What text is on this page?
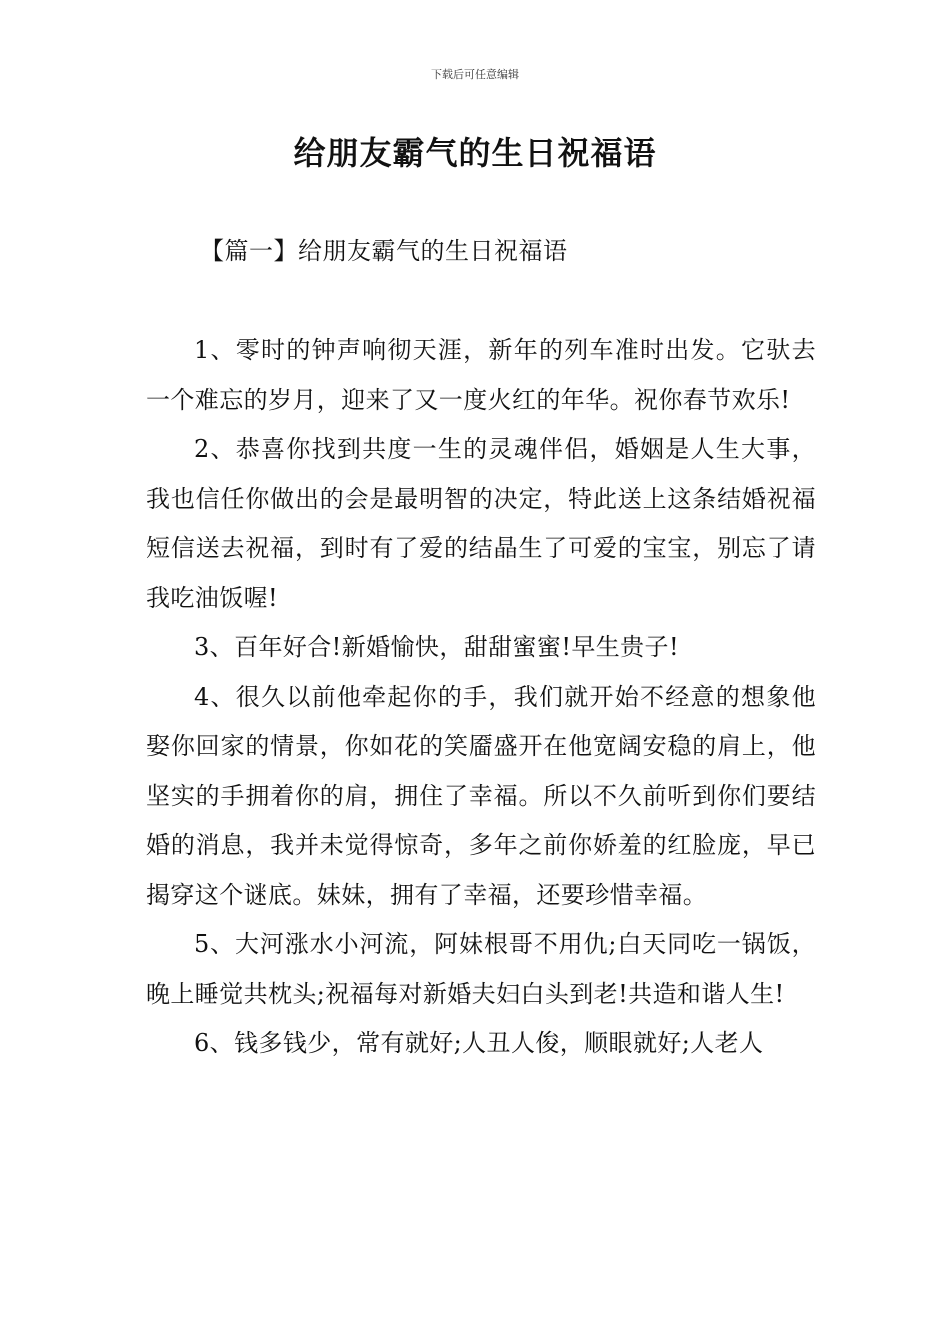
下载后可任意编辑
给朋友霸气的生日祝福语
【篇一】给朋友霸气的生日祝福语

1、零时的钟声响彻天涯，新年的列车准时出发。它驮去一个难忘的岁月，迎来了又一度火红的年华。祝你春节欢乐!

2、恭喜你找到共度一生的灵魂伴侣，婚姻是人生大事，我也信任你做出的会是最明智的决定，特此送上这条结婚祝福短信送去祝福，到时有了爱的结晶生了可爱的宝宝，别忘了请我吃油饭喔!

3、百年好合!新婚愉快，甜甜蜜蜜!早生贵子!

4、很久以前他牵起你的手，我们就开始不经意的想象他娶你回家的情景，你如花的笑靥盛开在他宽阔安稳的肩上，他坚实的手拥着你的肩，拥住了幸福。所以不久前听到你们要结婚的消息，我并未觉得惊奇，多年之前你娇羞的红脸庞，早已揭穿这个谜底。妹妹，拥有了幸福，还要珍惜幸福。

5、大河涨水小河流，阿妹根哥不用仇;白天同吃一锅饭，晚上睡觉共枕头;祝福每对新婚夫妇白头到老!共造和谐人生!

6、钱多钱少，常有就好;人丑人俊，顺眼就好;人老人
